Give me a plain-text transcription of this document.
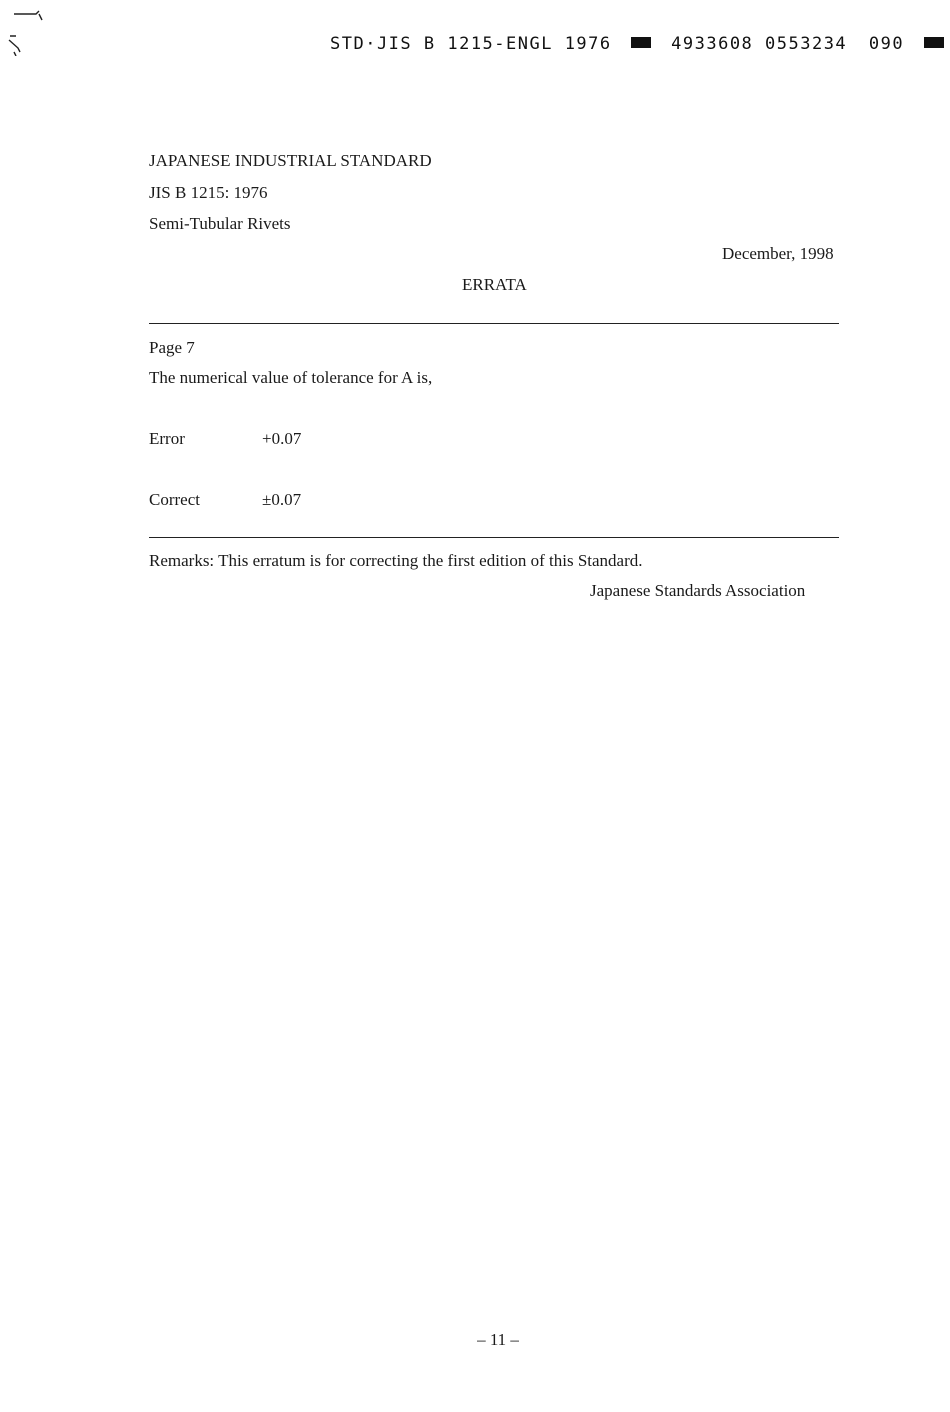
STD·JIS B 1215-ENGL 1976	4933608 0553234 090
JAPANESE INDUSTRIAL STANDARD
JIS B 1215: 1976
Semi-Tubular Rivets
December, 1998
ERRATA
Page 7
The numerical value of tolerance for A is,
Error	+0.07
Correct	±0.07
Remarks: This erratum is for correcting the first edition of this Standard.
Japanese Standards Association
– 11 –
